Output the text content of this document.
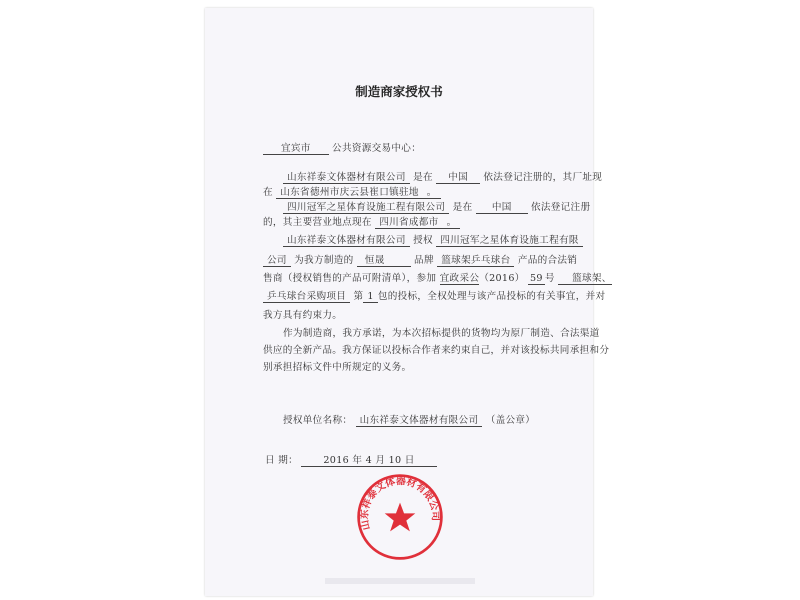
制造商家授权书
宜宾市 公共资源交易中心：
山东祥泰文体器材有限公司 是在 中国 依法登记注册的，其厂址现
在 山东省德州市庆云县崔口镇驻地 。
四川冠军之星体育设施工程有限公司 是在 中国 依法登记注册
的，其主要营业地点现在 四川省成都市 。
山东祥泰文体器材有限公司 授权 四川冠军之星体育设施工程有限
公司 为我方制造的 恒晟	品牌 篮球架乒乓球台 产品的合法销
售商（授权销售的产品可附清单），参加 宜政采公（2016） 59 号 篮球架、
乒乓球台采购项目 第 1 包的投标，全权处理与该产品投标的有关事宜，并对
我方具有约束力。
作为制造商，我方承诺，为本次招标提供的货物均为原厂制造、合法渠道
供应的全新产品。我方保证以投标合作者来约束自己，并对该投标共同承担和分
别承担招标文件中所规定的义务。
授权单位名称： 山东祥泰文体器材有限公司 （盖公章）
日 期：	2016 年 4 月 10 日
山东祥泰文体器材有限公司
